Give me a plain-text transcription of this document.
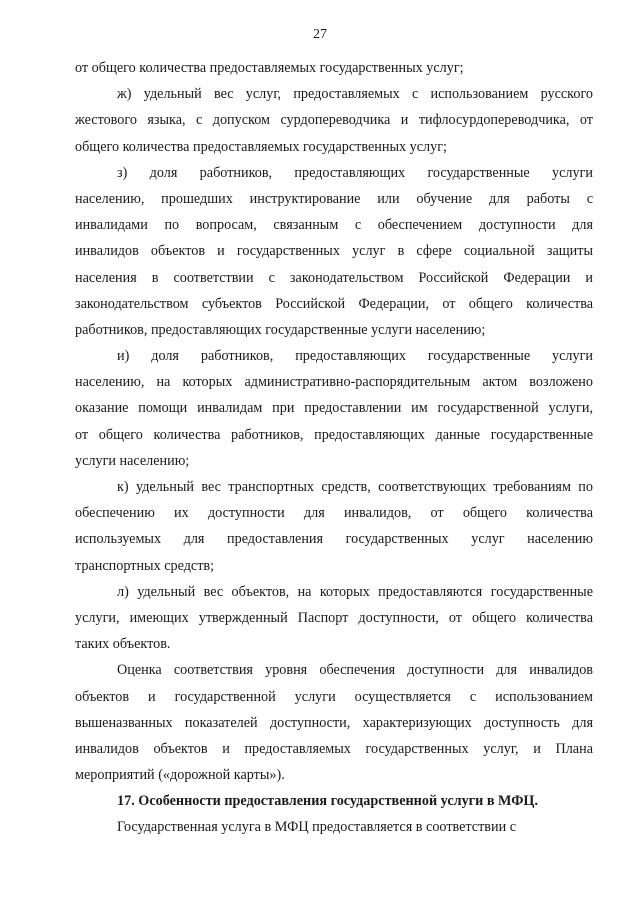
27
от общего количества предоставляемых государственных услуг;
ж) удельный вес услуг, предоставляемых с использованием русского
жестового языка, с допуском сурдопереводчика и тифлосурдопереводчика, от
общего количества предоставляемых государственных услуг;
з) доля работников, предоставляющих государственные услуги
населению, прошедших инструктирование или обучение для работы с
инвалидами по вопросам, связанным с обеспечением доступности для
инвалидов объектов и государственных услуг в сфере социальной защиты
населения в соответствии с законодательством Российской Федерации и
законодательством субъектов Российской Федерации, от общего количества
работников, предоставляющих государственные услуги населению;
и) доля работников, предоставляющих государственные услуги
населению, на которых административно-распорядительным актом возложено
оказание помощи инвалидам при предоставлении им государственной услуги,
от общего количества работников, предоставляющих данные государственные
услуги населению;
к) удельный вес транспортных средств, соответствующих требованиям по
обеспечению их доступности для инвалидов, от общего количества
используемых для предоставления государственных услуг населению
транспортных средств;
л) удельный вес объектов, на которых предоставляются государственные
услуги, имеющих утвержденный Паспорт доступности, от общего количества
таких объектов.
Оценка соответствия уровня обеспечения доступности для инвалидов
объектов и государственной услуги осуществляется с использованием
вышеназванных показателей доступности, характеризующих доступность для
инвалидов объектов и предоставляемых государственных услуг, и Плана
мероприятий («дорожной карты»).
17. Особенности предоставления государственной услуги в МФЦ.
Государственная услуга в МФЦ предоставляется в соответствии с
